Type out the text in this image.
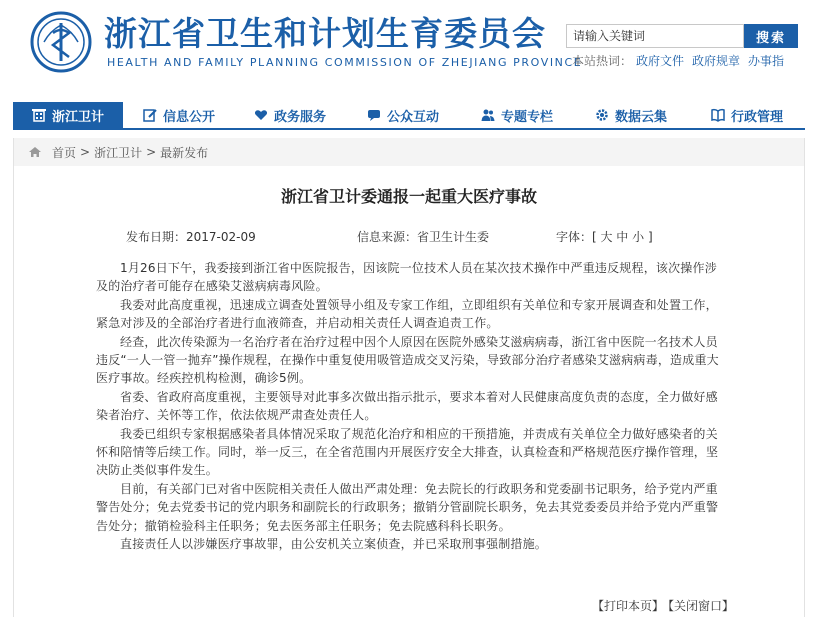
浙江省卫生和计划生育委员会
HEALTH AND FAMILY PLANNING COMMISSION OF ZHEJIANG PROVINCE
请输入关键词
搜索
本站热词： 政府文件 政府规章 办事指
浙江卫计	信息公开	政务服务	公众互动	专题专栏	数据云集	行政管理
首页 > 浙江卫计 > 最新发布
浙江省卫计委通报一起重大医疗事故
发布日期：2017-02-09	信息来源：省卫生计生委	字体：[ 大 中 小 ]

1月26日下午，我委接到浙江省中医院报告，因该院一位技术人员在某次技术操作中严重违反规程，该次操作涉及的治疗者可能存在感染艾滋病病毒风险。

我委对此高度重视，迅速成立调查处置领导小组及专家工作组，立即组织有关单位和专家开展调查和处置工作，紧急对涉及的全部治疗者进行血液筛查，并启动相关责任人调查追责工作。

经查，此次传染源为一名治疗者在治疗过程中因个人原因在医院外感染艾滋病病毒，浙江省中医院一名技术人员违反“一人一管一抛弃”操作规程，在操作中重复使用吸管造成交叉污染，导致部分治疗者感染艾滋病病毒，造成重大医疗事故。经疾控机构检测，确诊5例。

省委、省政府高度重视，主要领导对此事多次做出指示批示，要求本着对人民健康高度负责的态度，全力做好感染者治疗、关怀等工作，依法依规严肃查处责任人。

我委已组织专家根据感染者具体情况采取了规范化治疗和相应的干预措施，并责成有关单位全力做好感染者的关怀和陪情等后续工作。同时，举一反三，在全省范围内开展医疗安全大排查，认真检查和严格规范医疗操作管理，坚决防止类似事件发生。

目前，有关部门已对省中医院相关责任人做出严肃处理：免去院长的行政职务和党委副书记职务，给予党内严重警告处分；免去党委书记的党内职务和副院长的行政职务；撤销分管副院长职务，免去其党委委员并给予党内严重警告处分；撤销检验科主任职务；免去医务部主任职务；免去院感科科长职务。

直接责任人以涉嫌医疗事故罪，由公安机关立案侦查，并已采取刑事强制措施。

【打印本页】 【关闭窗口】
